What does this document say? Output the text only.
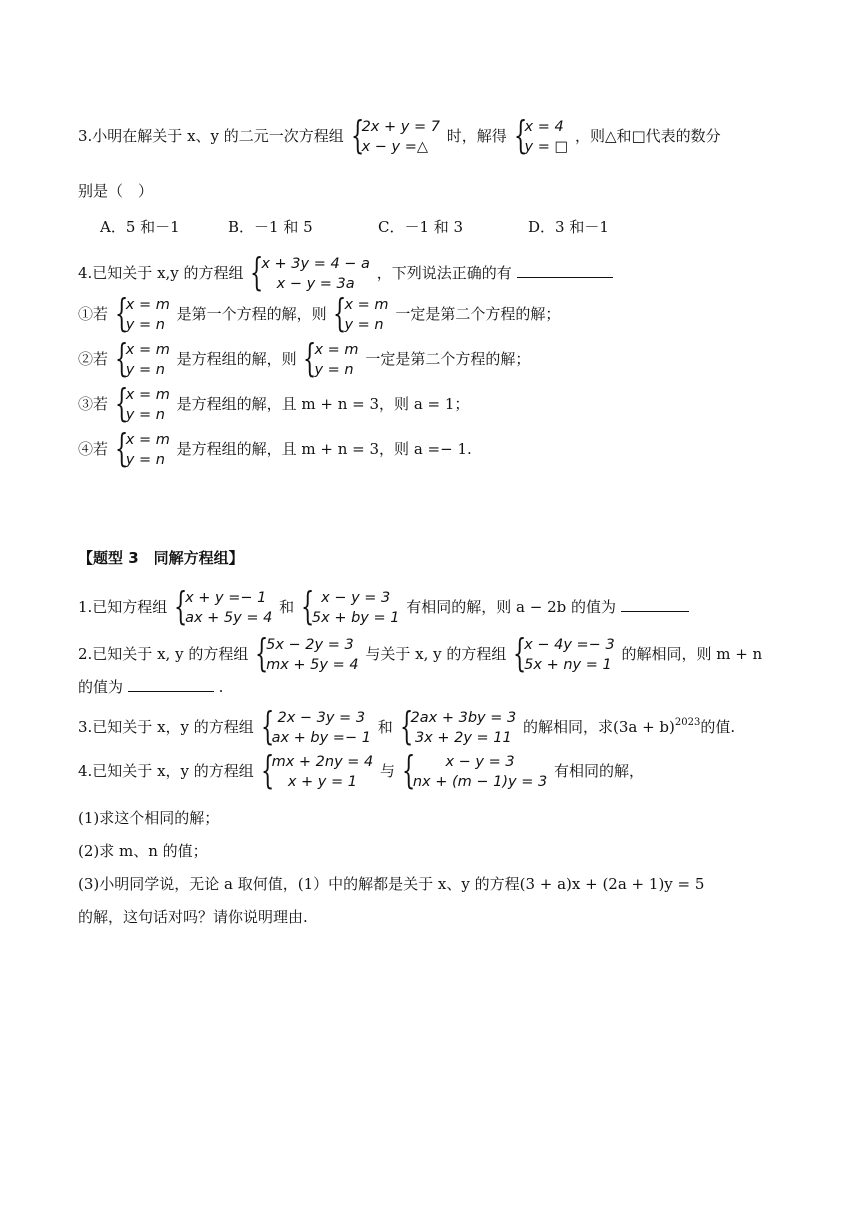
3.小明在解关于 x、y 的二元一次方程组 {
2x + y = 7
x − y =△
时，解得 {
x = 4
y = □
，则△和□代表的数分
别是（　）
A．5 和－1	B．－1 和 5	C．－1 和 3	D．3 和－1
4.已知关于 x,y 的方程组 {
x + 3y = 4 − a
x − y = 3a
，下列说法正确的有
①若 {
x = m
y = n
是第一个方程的解，则 {
x = m
y = n
一定是第二个方程的解；
②若 {
x = m
y = n
是方程组的解，则 {
x = m
y = n
一定是第二个方程的解；
③若 {
x = m
y = n
是方程组的解，且 m + n = 3，则 a = 1；
④若 {
x = m
y = n
是方程组的解，且 m + n = 3，则 a =− 1.
【题型 3　同解方程组】
1.已知方程组 {
x + y =− 1
ax + 5y = 4
和 { x − y = 3
5x + by = 1
有相同的解，则 a − 2b 的值为
2.已知关于 x, y 的方程组 {
5x − 2y = 3
mx + 5y = 4
与关于 x, y 的方程组 {
x − 4y =− 3
5x + ny = 1
的解相同，则 m + n
的值为	.
3.已知关于 x，y 的方程组 { 2x − 3y = 3
ax + by =− 1
和 {
2ax + 3by = 3
3x + 2y = 11
的解相同，求$(3a + b)^{2023}$的值.
4.已知关于 x，y 的方程组 {
mx + 2ny = 4
x + y = 1
与 {	x − y = 3
nx + (m − 1)y = 3
有相同的解，
(1)求这个相同的解；
(2)求 m、n 的值；
(3)小明同学说，无论 a 取何值，(1）中的解都是关于 x、y 的方程(3 + a)x + (2a + 1)y = 5
的解，这句话对吗？请你说明理由.
